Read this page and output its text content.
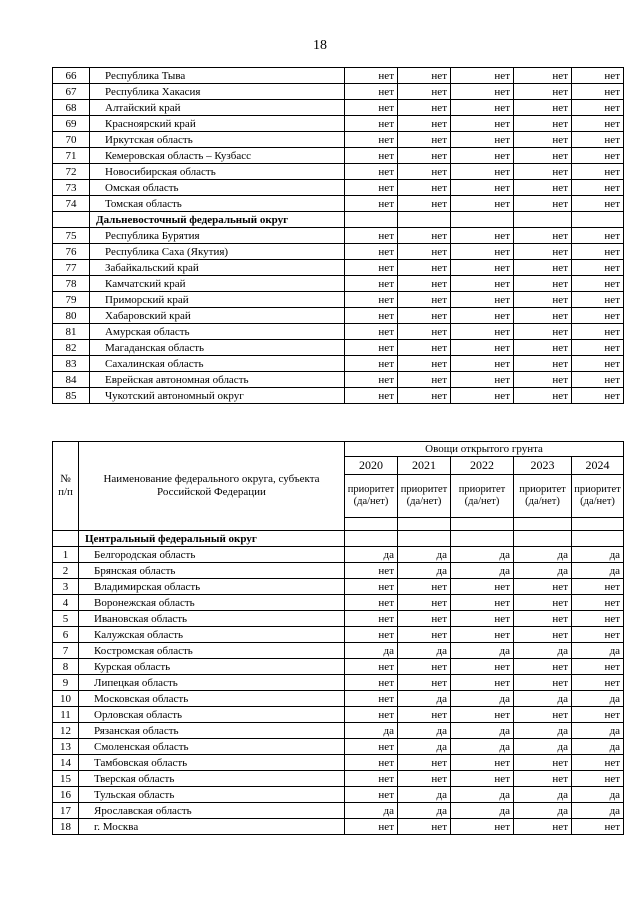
18
66	Республика Тыва	нет	нет	нет	нет	нет
67	Республика Хакасия	нет	нет	нет	нет	нет
68	Алтайский край	нет	нет	нет	нет	нет
69	Красноярский край	нет	нет	нет	нет	нет
70	Иркутская область	нет	нет	нет	нет	нет
71	Кемеровская область – Кузбасс	нет	нет	нет	нет	нет
72	Новосибирская область	нет	нет	нет	нет	нет
73	Омская область	нет	нет	нет	нет	нет
74	Томская область	нет	нет	нет	нет	нет
	Дальневосточный федеральный округ					
75	Республика Бурятия	нет	нет	нет	нет	нет
76	Республика Саха (Якутия)	нет	нет	нет	нет	нет
77	Забайкальский край	нет	нет	нет	нет	нет
78	Камчатский край	нет	нет	нет	нет	нет
79	Приморский край	нет	нет	нет	нет	нет
80	Хабаровский край	нет	нет	нет	нет	нет
81	Амурская область	нет	нет	нет	нет	нет
82	Магаданская область	нет	нет	нет	нет	нет
83	Сахалинская область	нет	нет	нет	нет	нет
84	Еврейская автономная область	нет	нет	нет	нет	нет
85	Чукотский автономный округ	нет	нет	нет	нет	нет
№ п/п	Наименование федерального округа, субъекта Российской Федерации	Овощи открытого грунта				
		2020	2021	2022	2023	2024
		приоритет (да/нет)	приоритет (да/нет)	приоритет (да/нет)	приоритет (да/нет)	приоритет (да/нет)

	Центральный федеральный округ					
1	Белгородская область	да	да	да	да	да
2	Брянская область	нет	да	да	да	да
3	Владимирская область	нет	нет	нет	нет	нет
4	Воронежская область	нет	нет	нет	нет	нет
5	Ивановская область	нет	нет	нет	нет	нет
6	Калужская область	нет	нет	нет	нет	нет
7	Костромская область	да	да	да	да	да
8	Курская область	нет	нет	нет	нет	нет
9	Липецкая область	нет	нет	нет	нет	нет
10	Московская область	нет	да	да	да	да
11	Орловская область	нет	нет	нет	нет	нет
12	Рязанская область	да	да	да	да	да
13	Смоленская область	нет	да	да	да	да
14	Тамбовская область	нет	нет	нет	нет	нет
15	Тверская область	нет	нет	нет	нет	нет
16	Тульская область	нет	да	да	да	да
17	Ярославская область	да	да	да	да	да
18	г. Москва	нет	нет	нет	нет	нет
